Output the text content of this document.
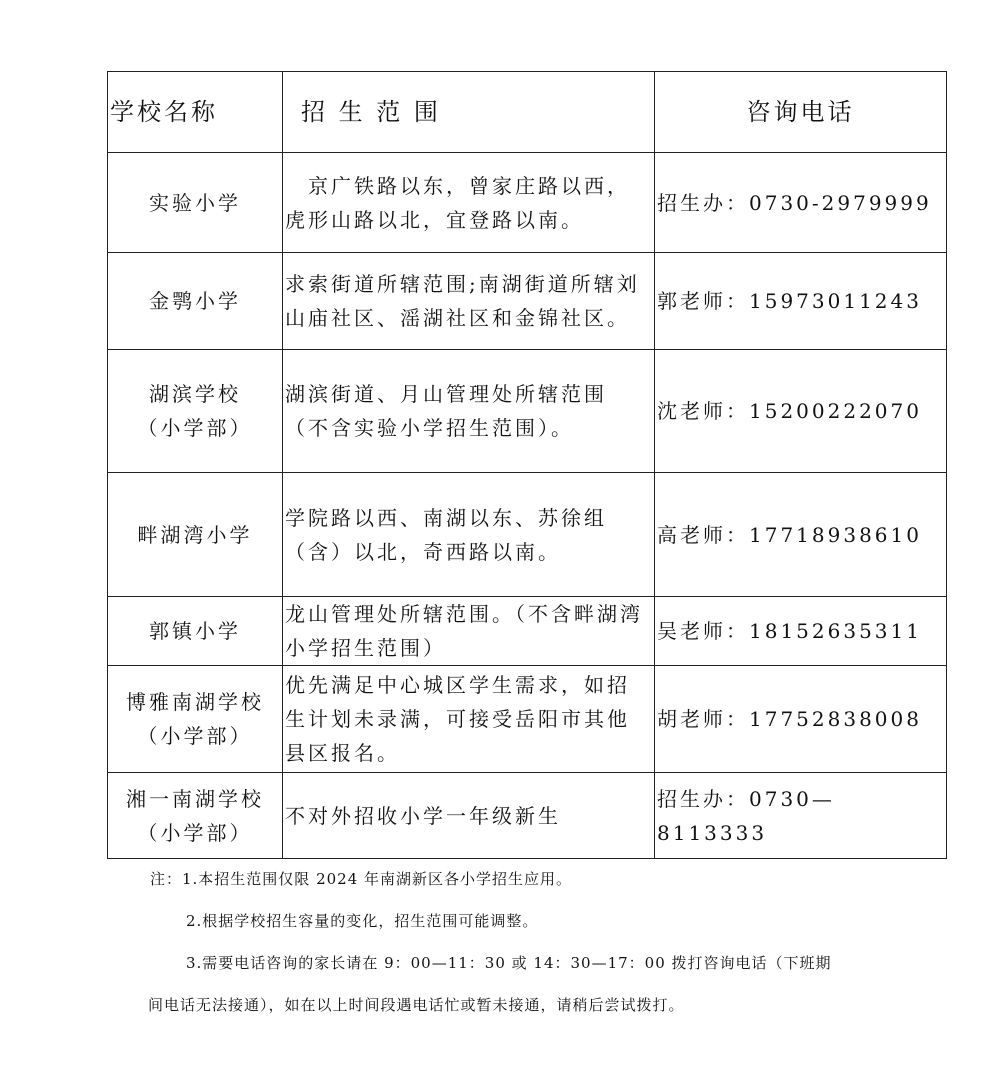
学校名称	招 生 范 围	咨询电话

实验小学	　京广铁路以东，曾家庄路以西，虎形山路以北，宜登路以南。	招生办：0730-2979999

金鹗小学	求索街道所辖范围;南湖街道所辖刘山庙社区、滛湖社区和金锦社区。	郭老师：15973011243

湖滨学校
（小学部）	湖滨街道、月山管理处所辖范围（不含实验小学招生范围）。	沈老师：15200222070

畔湖湾小学	学院路以西、南湖以东、苏徐组（含）以北，奇西路以南。	高老师：17718938610

郭镇小学	龙山管理处所辖范围。（不含畔湖湾小学招生范围）	吴老师：18152635311

博雅南湖学校
（小学部）	优先满足中心城区学生需求，如招生计划未录满，可接受岳阳市其他县区报名。	胡老师：17752838008

湘一南湖学校
（小学部）	不对外招收小学一年级新生	招生办：0730—8113333

注：1.本招生范围仅限 2024 年南湖新区各小学招生应用。

2.根据学校招生容量的变化，招生范围可能调整。

3.需要电话咨询的家长请在 9：00—11：30 或 14：30—17：00 拨打咨询电话（下班期

间电话无法接通），如在以上时间段遇电话忙或暂未接通，请稍后尝试拨打。
